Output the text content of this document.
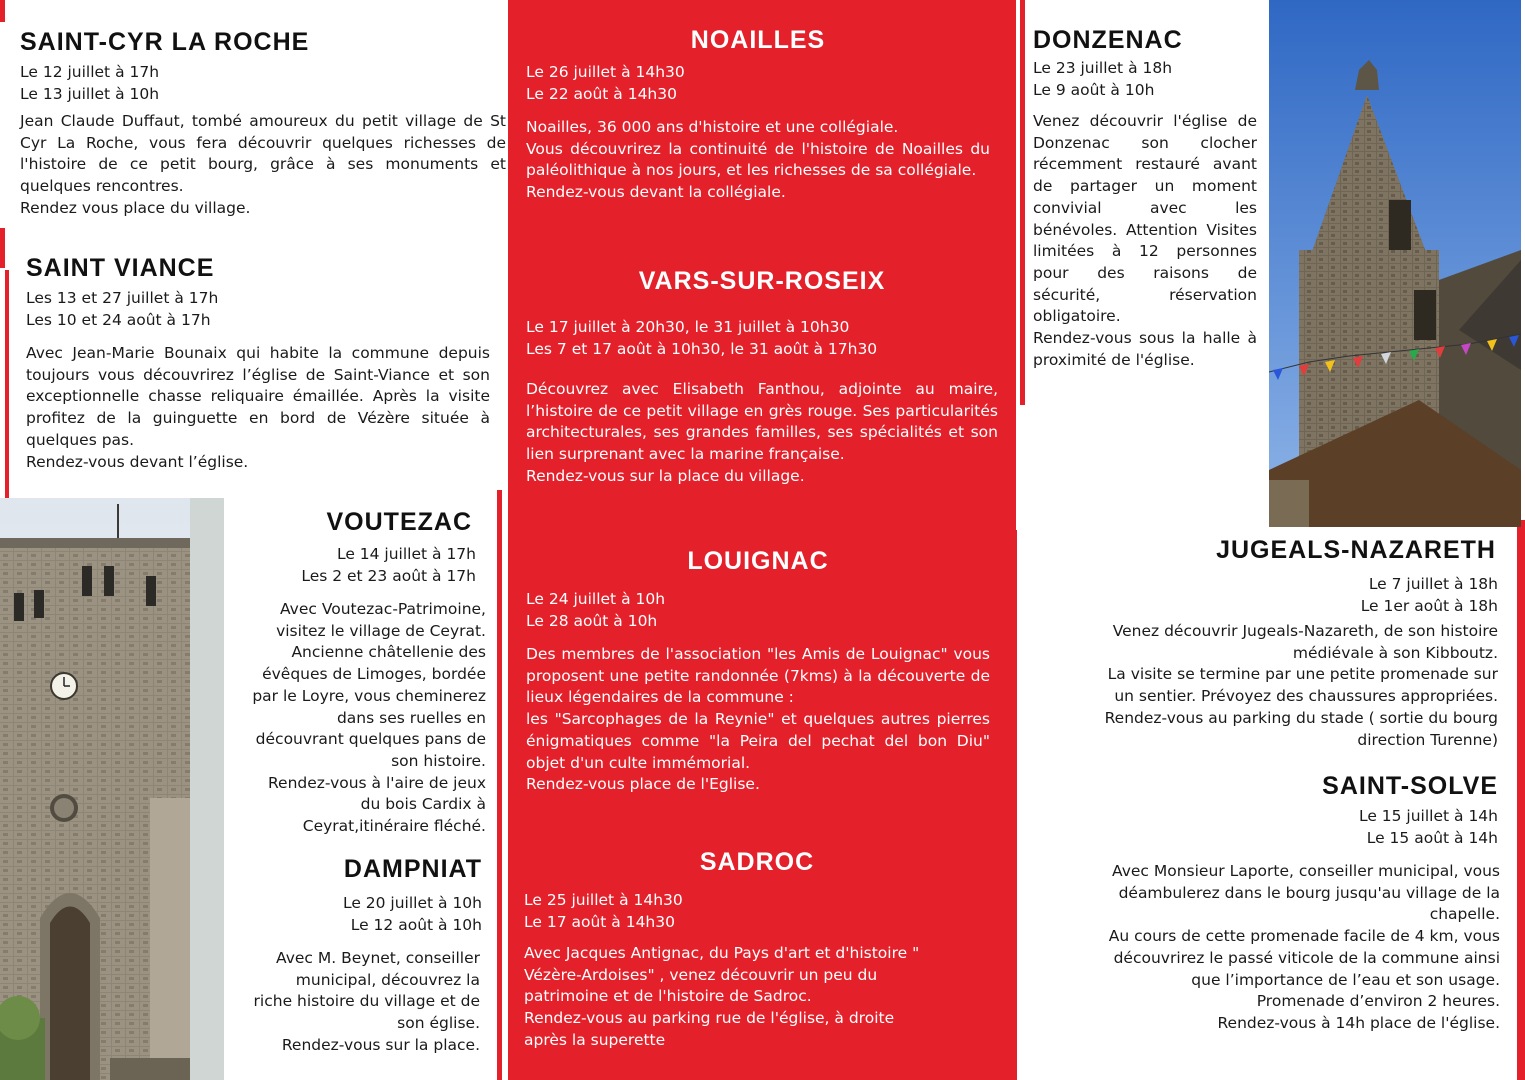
SAINT-CYR LA ROCHE
Le 12 juillet à 17h
Le 13 juillet à 10h
Jean Claude Duffaut, tombé amoureux du petit village de St Cyr La Roche, vous fera découvrir quelques richesses de l'histoire de ce petit bourg, grâce à ses monuments et quelques rencontres.
Rendez vous place du village.
SAINT VIANCE
Les 13 et 27 juillet à 17h
Les 10 et 24 août à 17h
Avec Jean-Marie Bounaix qui habite la commune depuis toujours vous découvrirez l’église de Saint-Viance et son exceptionnelle chasse reliquaire émaillée. Après la visite profitez de la guinguette en bord de Vézère située à quelques pas.
Rendez-vous devant l’église.
VOUTEZAC
Le 14 juillet à 17h
Les 2 et 23 août à 17h
Avec Voutezac-Patrimoine,
visitez le village de Ceyrat.
Ancienne châtellenie des
évêques de Limoges, bordée
par le Loyre, vous cheminerez
dans ses ruelles en
découvrant quelques pans de
son histoire.
Rendez-vous à l'aire de jeux
du bois Cardix à
Ceyrat,itinéraire fléché.
DAMPNIAT
Le 20 juillet à 10h
Le 12 août à 10h
Avec M. Beynet, conseiller
municipal, découvrez la
riche histoire du village et de
son église.
Rendez-vous sur la place.
NOAILLES
Le 26 juillet à 14h30
Le 22 août à 14h30
Noailles, 36 000 ans d'histoire et une collégiale.
Vous découvrirez la continuité de l'histoire de Noailles du paléolithique à nos jours, et les richesses de sa collégiale.
Rendez-vous devant la collégiale.
VARS-SUR-ROSEIX
Le 17 juillet à 20h30, le 31 juillet à 10h30
Les 7 et 17 août à 10h30, le 31 août à 17h30
Découvrez avec Elisabeth Fanthou, adjointe au maire, l’histoire de ce petit village en grès rouge. Ses particularités architecturales, ses grandes familles, ses spécialités et son lien surprenant avec la marine française.
Rendez-vous sur la place du village.
LOUIGNAC
Le 24 juillet à 10h
Le 28 août à 10h
Des membres de l'association "les Amis de Louignac" vous proposent une petite randonnée (7kms) à la découverte de lieux légendaires de la commune :
les "Sarcophages de la Reynie" et quelques autres pierres énigmatiques comme "la Peira del pechat del bon Diu" objet d'un culte immémorial.
Rendez-vous place de l'Eglise.
SADROC
Le 25 juillet à 14h30
Le 17 août à 14h30
Avec Jacques Antignac, du Pays d'art et d'histoire "
Vézère-Ardoises" , venez découvrir un peu du
patrimoine et de l'histoire de Sadroc.
Rendez-vous au parking rue de l'église, à droite
après la superette
DONZENAC
Le 23 juillet à 18h
Le 9 août à 10h
Venez découvrir l'église de Donzenac son clocher récemment restauré avant de partager un moment convivial avec les bénévoles. Attention Visites limitées à 12 personnes pour des raisons de sécurité, réservation obligatoire.
Rendez-vous sous la halle à proximité de l'église.
JUGEALS-NAZARETH
Le 7 juillet à 18h
Le 1er août à 18h
Venez découvrir Jugeals-Nazareth, de son histoire
médiévale à son Kibboutz.
La visite se termine par une petite promenade sur
un sentier. Prévoyez des chaussures appropriées.
Rendez-vous au parking du stade ( sortie du bourg
direction Turenne)
SAINT-SOLVE
Le 15 juillet à 14h
Le 15 août à 14h
Avec Monsieur Laporte, conseiller municipal, vous
déambulerez dans le bourg jusqu'au village de la
chapelle.
Au cours de cette promenade facile de 4 km, vous
découvrirez le passé viticole de la commune ainsi
que l’importance de l’eau et son usage.
Promenade d’environ 2 heures.
Rendez-vous à 14h place de l'église.
